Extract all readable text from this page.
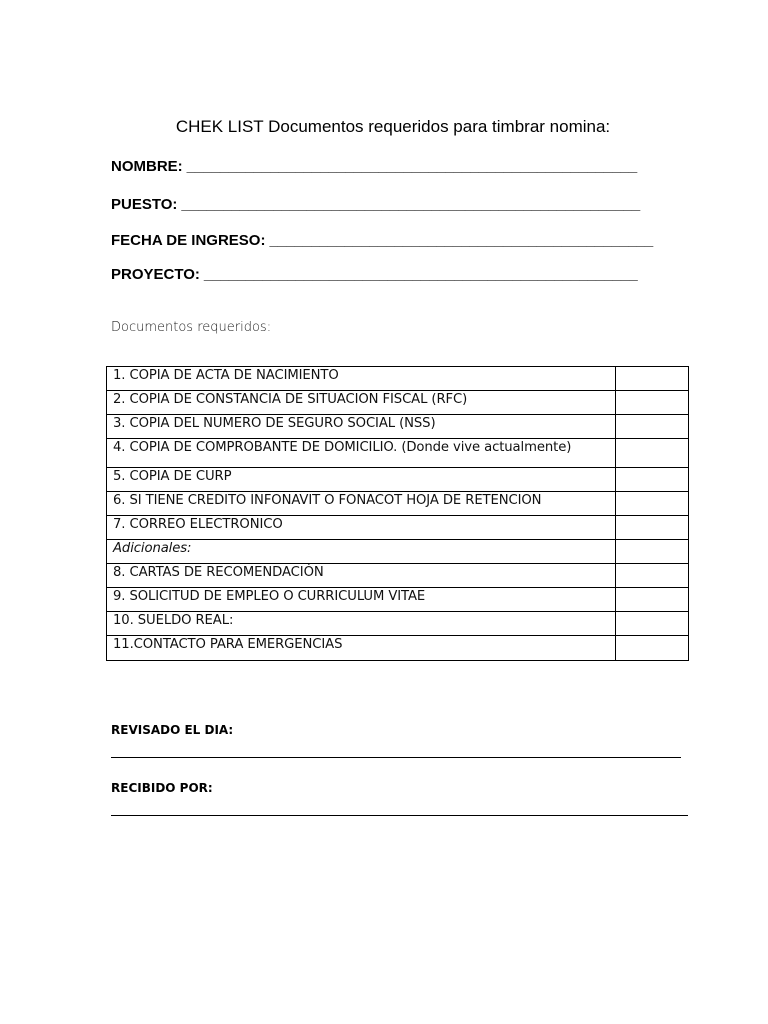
CHEK LIST Documentos requeridos para timbrar nomina:
NOMBRE: ______________________________________________________
PUESTO: _______________________________________________________
FECHA DE INGRESO: ______________________________________________
PROYECTO: ____________________________________________________
Documentos requeridos:
1. COPIA DE ACTA DE NACIMIENTO	
2. COPIA DE CONSTANCIA DE SITUACION FISCAL (RFC)	
3. COPIA DEL NUMERO DE SEGURO SOCIAL (NSS)	
4. COPIA DE COMPROBANTE DE DOMICILIO. (Donde vive actualmente)	
5. COPIA DE CURP	
6. SI TIENE CREDITO INFONAVIT O FONACOT HOJA DE RETENCION	
7. CORREO ELECTRONICO	
Adicionales:	
8. CARTAS DE RECOMENDACIÓN	
9. SOLICITUD DE EMPLEO O CURRICULUM VITAE	
10. SUELDO REAL:	
11.CONTACTO PARA EMERGENCIAS	
REVISADO EL DIA:
RECIBIDO POR:
